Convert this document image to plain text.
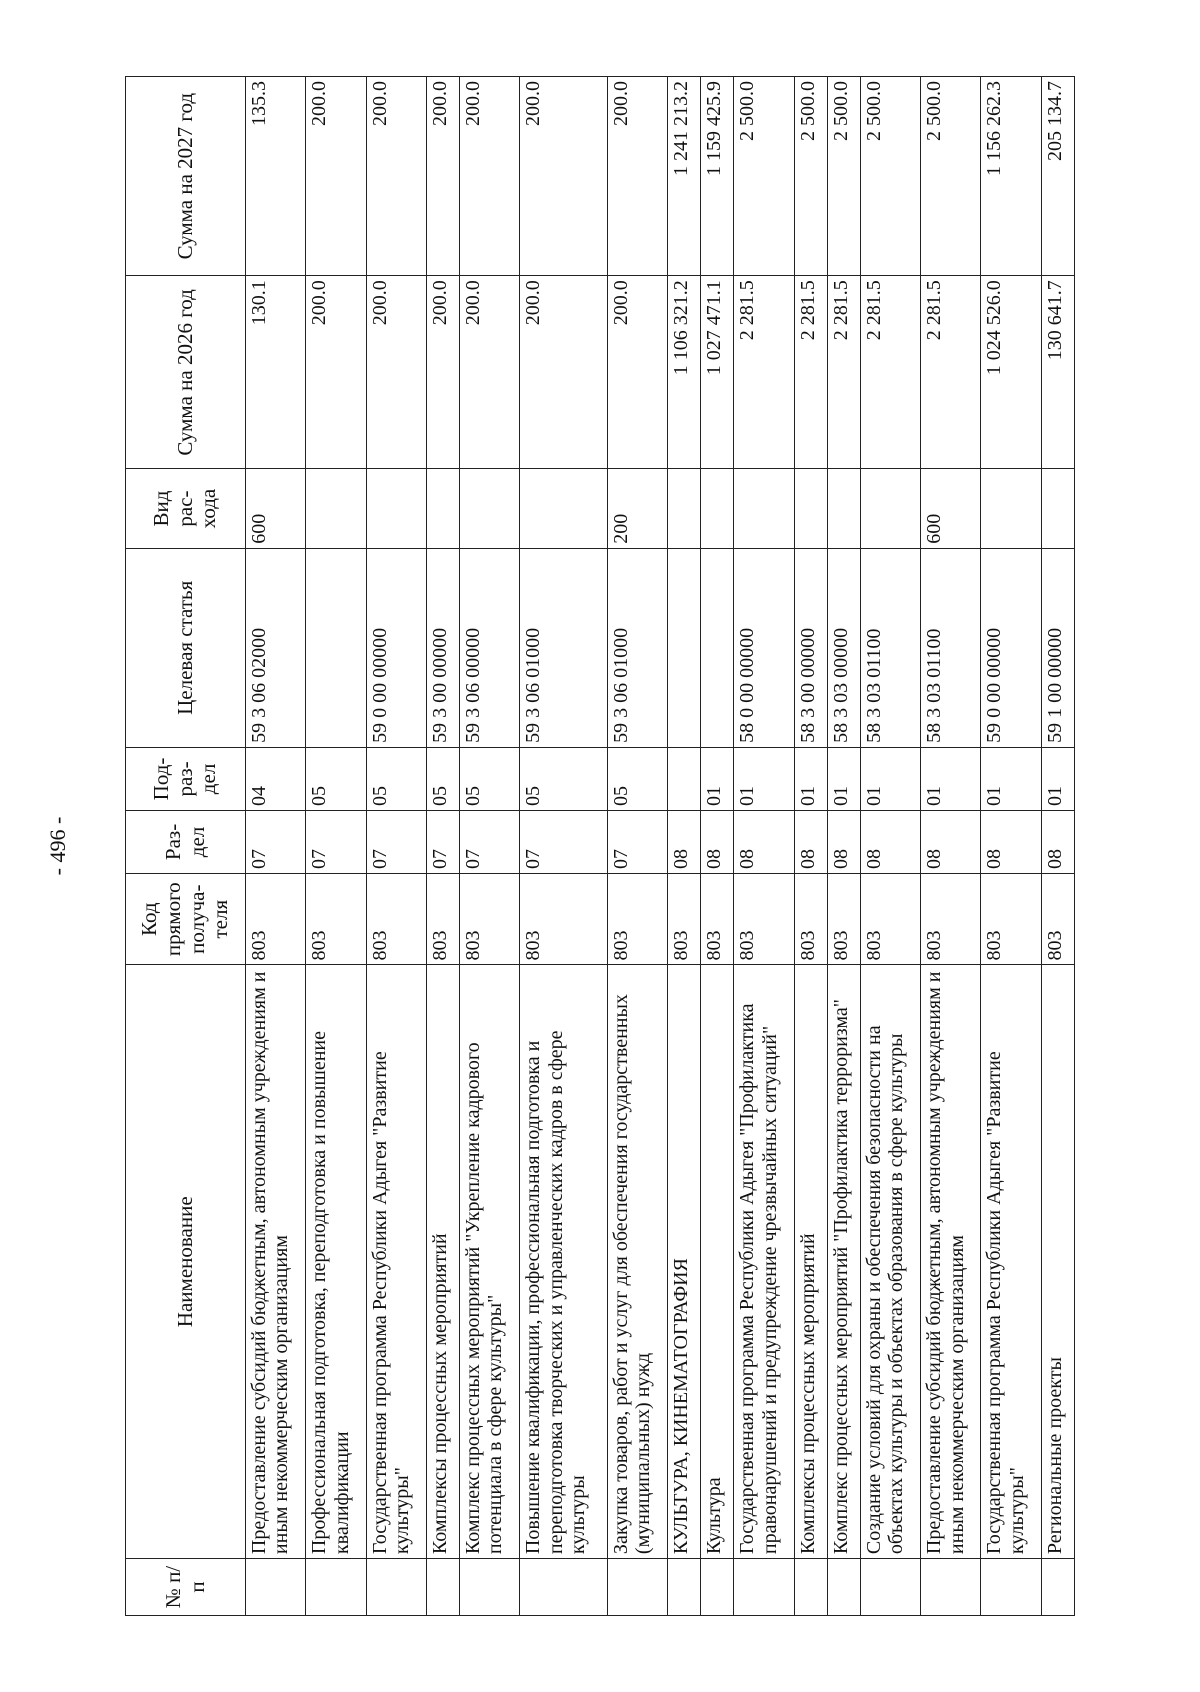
- 496 -
№ п/п	Наименование	Код прямого получа-теля	Раз-дел	Под-раз-дел	Целевая статья	Вид рас-хода	Сумма на 2026 год	Сумма на 2027 год
	Предоставление субсидий бюджетным, автономным учреждениям и иным некоммерческим организациям	803	07	04	59 3 06 02000	600	130.1	135.3
	Профессиональная подготовка, переподготовка и повышение квалификации	803	07	05			200.0	200.0
	Государственная программа Республики Адыгея "Развитие культуры"	803	07	05	59 0 00 00000		200.0	200.0
	Комплексы процессных мероприятий	803	07	05	59 3 00 00000		200.0	200.0
	Комплекс процессных мероприятий "Укрепление кадрового потенциала в сфере культуры"	803	07	05	59 3 06 00000		200.0	200.0
	Повышение квалификации, профессиональная подготовка и переподготовка творческих и управленческих кадров в сфере культуры	803	07	05	59 3 06 01000		200.0	200.0
	Закупка товаров, работ и услуг для обеспечения государственных (муниципальных) нужд	803	07	05	59 3 06 01000	200	200.0	200.0
	КУЛЬТУРА, КИНЕМАТОГРАФИЯ	803	08				1 106 321.2	1 241 213.2
	Культура	803	08	01			1 027 471.1	1 159 425.9
	Государственная программа Республики Адыгея "Профилактика правонарушений и предупреждение чрезвычайных ситуаций"	803	08	01	58 0 00 00000		2 281.5	2 500.0
	Комплексы процессных мероприятий	803	08	01	58 3 00 00000		2 281.5	2 500.0
	Комплекс процессных мероприятий "Профилактика терроризма"	803	08	01	58 3 03 00000		2 281.5	2 500.0
	Создание условий для охраны и обеспечения безопасности на объектах культуры и объектах образования в сфере культуры	803	08	01	58 3 03 01100		2 281.5	2 500.0
	Предоставление субсидий бюджетным, автономным учреждениям и иным некоммерческим организациям	803	08	01	58 3 03 01100	600	2 281.5	2 500.0
	Государственная программа Республики Адыгея "Развитие культуры"	803	08	01	59 0 00 00000		1 024 526.0	1 156 262.3
	Региональные проекты	803	08	01	59 1 00 00000		130 641.7	205 134.7
